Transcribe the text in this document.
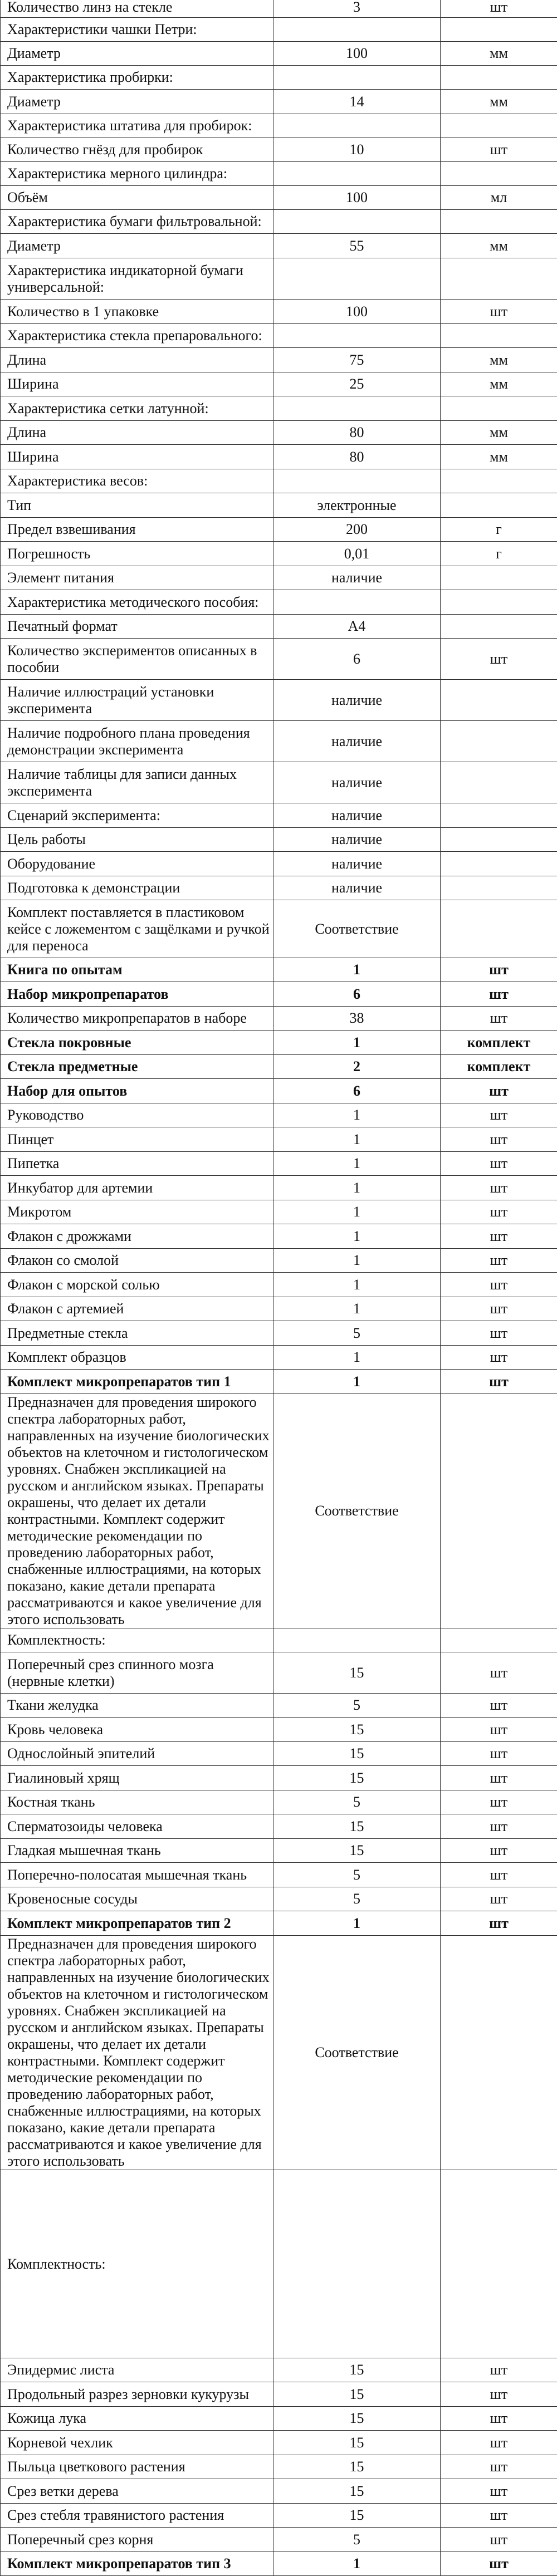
Количество линз на стекле	3	шт
Характеристики чашки Петри:		
Диаметр	100	мм
Характеристика пробирки:		
Диаметр	14	мм
Характеристика штатива для пробирок:		
Количество гнёзд для пробирок	10	шт
Характеристика мерного цилиндра:		
Объём	100	мл
Характеристика бумаги фильтровальной:		
Диаметр	55	мм
Характеристика индикаторной бумаги универсальной:		
Количество в 1 упаковке	100	шт
Характеристика стекла препаровального:		
Длина	75	мм
Ширина	25	мм
Характеристика сетки латунной:		
Длина	80	мм
Ширина	80	мм
Характеристика весов:		
Тип	электронные	
Предел взвешивания	200	г
Погрешность	0,01	г
Элемент питания	наличие	
Характеристика методического пособия:		
Печатный формат	А4	
Количество экспериментов описанных в пособии	6	шт
Наличие иллюстраций установки эксперимента	наличие	
Наличие подробного плана проведения демонстрации эксперимента	наличие	
Наличие таблицы для записи данных эксперимента	наличие	
Сценарий эксперимента:	наличие	
Цель работы	наличие	
Оборудование	наличие	
Подготовка к демонстрации	наличие	
Комплект поставляется в пластиковом кейсе с ложементом с защёлками и ручкой для переноса	Соответствие	
Книга по опытам	1	шт
Набор микропрепаратов	6	шт
Количество микропрепаратов в наборе	38	шт
Стекла покровные	1	комплект
Стекла предметные	2	комплект
Набор для опытов	6	шт
Руководство	1	шт
Пинцет	1	шт
Пипетка	1	шт
Инкубатор для артемии	1	шт
Микротом	1	шт
Флакон с дрожжами	1	шт
Флакон со смолой	1	шт
Флакон с морской солью	1	шт
Флакон с артемией	1	шт
Предметные стекла	5	шт
Комплект образцов	1	шт
Комплект микропрепаратов тип 1	1	шт
Предназначен для проведения широкого спектра лабораторных работ, направленных на изучение биологических объектов на клеточном и гистологическом уровнях. Снабжен экспликацией на русском и английском языках. Препараты окрашены, что делает их детали контрастными. Комплект содержит методические рекомендации по проведению лабораторных работ, снабженные иллюстрациями, на которых показано, какие детали препарата рассматриваются и какое увеличение для этого использовать	Соответствие	
Комплектность:		
Поперечный срез спинного мозга (нервные клетки)	15	шт
Ткани желудка	5	шт
Кровь человека	15	шт
Однослойный эпителий	15	шт
Гиалиновый хрящ	15	шт
Костная ткань	5	шт
Сперматозоиды человека	15	шт
Гладкая мышечная ткань	15	шт
Поперечно-полосатая мышечная ткань	5	шт
Кровеносные сосуды	5	шт
Комплект микропрепаратов тип 2	1	шт
Предназначен для проведения широкого спектра лабораторных работ, направленных на изучение биологических объектов на клеточном и гистологическом уровнях. Снабжен экспликацией на русском и английском языках. Препараты окрашены, что делает их детали контрастными. Комплект содержит методические рекомендации по проведению лабораторных работ, снабженные иллюстрациями, на которых показано, какие детали препарата рассматриваются и какое увеличение для этого использовать	Соответствие	
Комплектность:		
Эпидермис листа	15	шт
Продольный разрез зерновки кукурузы	15	шт
Кожица лука	15	шт
Корневой чехлик	15	шт
Пыльца цветкового растения	15	шт
Срез ветки дерева	15	шт
Срез стебля травянистого растения	15	шт
Поперечный срез корня	5	шт
Комплект микропрепаратов тип 3	1	шт
